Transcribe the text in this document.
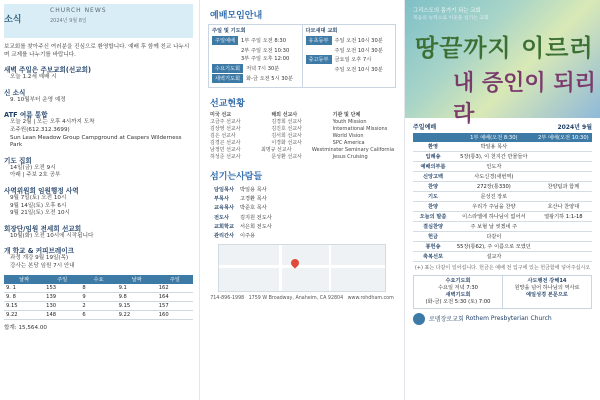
소식
CHURCH NEWS
2024년 9월 8일
보교회를 찾아주신 여러분을 진심으로 환영합니다. 예배 후 함께 친교 나누시며 교제를 나누기를 바랍니다.
새벽 주일은 주보교회(선교회)
오늘 1.2세 예배 시
신 소식
9. 10월부터 운영 예정
ATF 여름 통합
오늘 2월 | 오는 오후 4시까지 도착
조주원(612.312.3699)
Sun Lean Meadow Group Campground at Caspers Wilderness Park
기도 집회
14일(금) 오전 9시
아래 | 주보 2호 공부
사역위원회 임원행정 사역
9월 7일(토) 오전 10시
9월 14일(토) 오후 6시
9월 21일(토) 오전 10시
회장단/임원 전세희 선교회
10월(화) 오전 10시에 시작됩니다
개 학교 & 커피브레이크
과정 개강 9월 19일(목)
강사는 본당 임원 7시 안내
날짜	주일	수요	날짜	주일
9. 1	153	8	9.1	162
9. 8	139	9	9.8	164
9.15	130	2	9.15	157
9.22	148	6	9.22	160
합계: 15,564.00
예배모임안내
주일 및 기도회
주일예배	1부 주일 오전 8:30
2부 주일 오전 10:30
3부 주일 오후 12:00
수요기도회	저녁 7시 30분
새벽기도회	화-금 오전 5시 30분
다모새대 교회
유초등부	주일 오전 10시 30분
주일 오전 10시 30분
중고등부	금요일 오후 7시
주일 오전 10시 30분
선교현황
미국 선교	해외 선교사	기관 및 단체
고금주 선교사	김경희 선교사	Youth Mission
김상영 선교사	김진호 선교사	International Missions
김은 선교사	김서희 선교사	World Vision
김경곤 선교사	이경화 선교사	SPC America
남정민 선교사	최명규 선교사	Westminster Seminary California
허성준 선교사	문성환 선교사	Jesus Cruising
섬기는사람들
담임목사 박일용 목사
부목사 고경환 목사
교육목사 박준호 목사
전도사 김지원 전도사
교회학교 서은희 전도사
관리간사 이주용
714-896-1998 1759 W Broadway, Anaheim, CA 92804 www.rohdham.com
그리스도의 몸가기 되는 교회
복음의 능력으로 이웃을 섬기는 교회
땅끝까지 이르러
내 증인이 되리라
주일예배	2024년 9월
	1부 예배(오전 8:30)	2부 예배(오전 10:30)
환영	박일용 목사	
입례송	5장(통3), 이 천지간 만물들아	
예배의부름	인도자	
신앙고백	사도신경(새번역)	
찬양	272장(통330)	찬양팀과 함께
기도	문성진 장로	
찬양	우리가 주님을 찬양	호산나 찬양대
오늘의 말씀	이스라엘에 하나님이 없어서	열왕기하 1:1-18
결심찬양	주 보혈 날 씻겠네 주	
헌금	다같이	
봉헌송	55장(통62), 주 이름으로 모였던	
축복선포	설교자	
(+) 표는 다같이 일어섭니다. 헌금은 예배 전 입구에 있는 헌금함에 넣어주십시오
수요기도회
수요일 저녁 7:30
새벽기도회
(화-금) 오전 5:30 (토) 7:00
사도행전 강해14
원망을 넘어 하나님의 역사로
예일성경 본문으로
로뎀장로교회
Rothem Presbyterian Church
